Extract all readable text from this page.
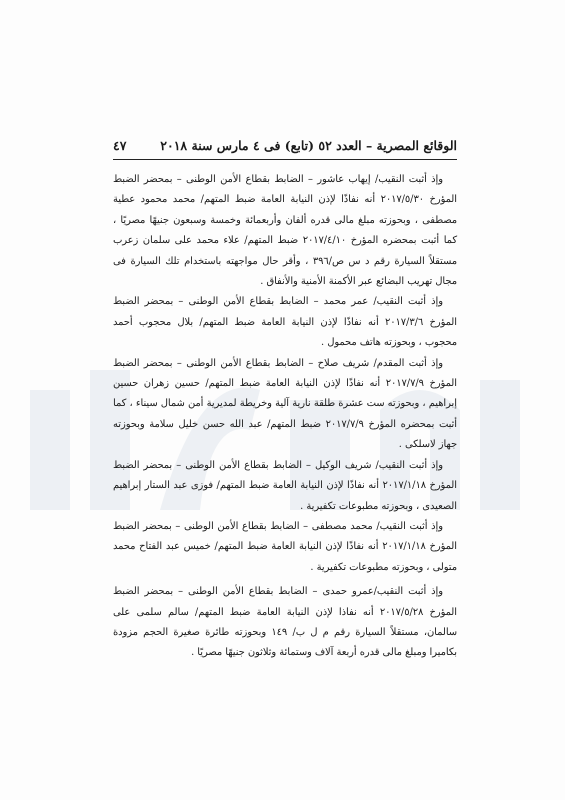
الوقائع المصرية – العدد ٥٢ (تابع) فى ٤ مارس سنة ٢٠١٨
٤٧

وإذ أثبت النقيب/ إيهاب عاشور – الضابط بقطاع الأمن الوطنى – بمحضر الضبط المؤرخ ٢٠١٧/٥/٣٠ أنه نفاذًا لإذن النيابة العامة ضبط المتهم/ محمد محمود عطية مصطفى ، وبحوزته مبلغ مالى قدره ألفان وأربعمائة وخمسة وسبعون جنيهًا مصريًا ، كما أثبت بمحضره المؤرخ ٢٠١٧/٤/١٠ ضبط المتهم/ علاء محمد على سلمان زعرب مستقلاً السيارة رقم د س ص/٣٩٦ ، وأقر حال مواجهته باستخدام تلك السيارة فى مجال تهريب البضائع عبر الأكمنة الأمنية والأنفاق .

وإذ أثبت النقيب/ عمر محمد – الضابط بقطاع الأمن الوطنى – بمحضر الضبط المؤرخ ٢٠١٧/٣/٦ أنه نفاذًا لإذن النيابة العامة ضبط المتهم/ بلال محجوب أحمد محجوب ، وبحوزته هاتف محمول .

وإذ أثبت المقدم/ شريف صلاح – الضابط بقطاع الأمن الوطنى – بمحضر الضبط المؤرخ ٢٠١٧/٧/٩ أنه نفاذًا لإذن النيابة العامة ضبط المتهم/ حسين زهران حسين إبراهيم ، وبحوزته ست عشرة طلقة نارية آلية وخريطة لمديرية أمن شمال سيناء ، كما أثبت بمحضره المؤرخ ٢٠١٧/٧/٩ ضبط المتهم/ عبد الله حسن خليل سلامة وبحوزته جهاز لاسلكى .

وإذ أثبت النقيب/ شريف الوكيل – الضابط بقطاع الأمن الوطنى – بمحضر الضبط المؤرخ ٢٠١٧/١/١٨ أنه نفاذًا لإذن النيابة العامة ضبط المتهم/ فوزى عبد الستار إبراهيم الصعيدى ، وبحوزته مطبوعات تكفيرية .

وإذ أثبت النقيب/ محمد مصطفى – الضابط بقطاع الأمن الوطنى – بمحضر الضبط المؤرخ ٢٠١٧/١/١٨ أنه نفاذًا لإذن النيابة العامة ضبط المتهم/ خميس عبد الفتاح محمد متولى ، وبحوزته مطبوعات تكفيرية .

وإذ أثبت النقيب/عمرو حمدى – الضابط بقطاع الأمن الوطنى – بمحضر الضبط المؤرخ ٢٠١٧/٥/٢٨ أنه نفاذا لإذن النيابة العامة ضبط المتهم/ سالم سلمى على سالمان، مستقلاً السيارة رقم م ل ب/ ١٤٩ وبحوزته طائرة صغيرة الحجم مزودة بكاميرا ومبلغ مالى قدره أربعة آلاف وستمائة وثلاثون جنيهًا مصريًا .
